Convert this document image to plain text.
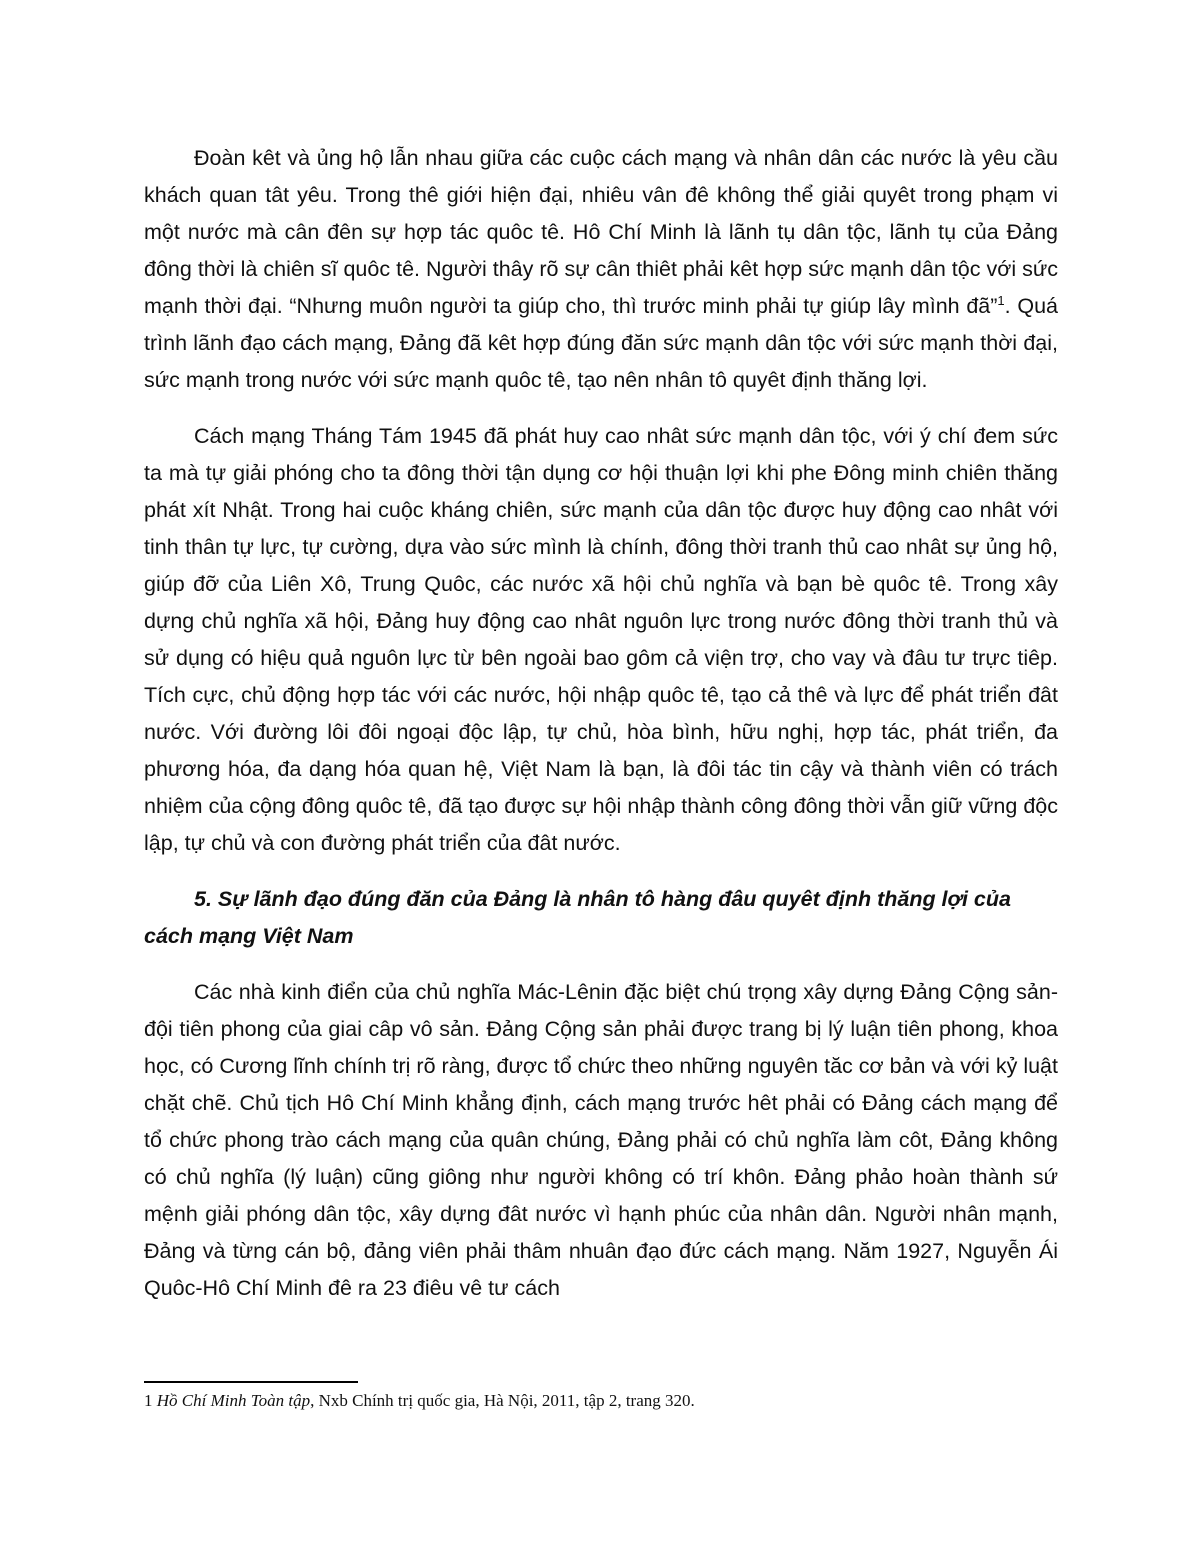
Đoàn kêt và ủng hộ lẫn nhau giữa các cuộc cách mạng và nhân dân các nước là yêu cầu khách quan tât yêu. Trong thê giới hiện đại, nhiêu vân đê không thể giải quyêt trong phạm vi một nước mà cân đên sự hợp tác quôc tê. Hô Chí Minh là lãnh tụ dân tộc, lãnh tụ của Đảng đông thời là chiên sĩ quôc tê. Người thây rõ sự cân thiêt phải kêt hợp sức mạnh dân tộc với sức mạnh thời đại. “Nhưng muôn người ta giúp cho, thì trước minh phải tự giúp lây mình đã”$^1$. Quá trình lãnh đạo cách mạng, Đảng đã kêt hợp đúng đăn sức mạnh dân tộc với sức mạnh thời đại, sức mạnh trong nước với sức mạnh quôc tê, tạo nên nhân tô quyêt định thăng lợi.

Cách mạng Tháng Tám 1945 đã phát huy cao nhât sức mạnh dân tộc, với ý chí đem sức ta mà tự giải phóng cho ta đông thời tận dụng cơ hội thuận lợi khi phe Đông minh chiên thăng phát xít Nhật. Trong hai cuộc kháng chiên, sức mạnh của dân tộc được huy động cao nhât với tinh thân tự lực, tự cường, dựa vào sức mình là chính, đông thời tranh thủ cao nhât sự ủng hộ, giúp đỡ của Liên Xô, Trung Quôc, các nước xã hội chủ nghĩa và bạn bè quôc tê. Trong xây dựng chủ nghĩa xã hội, Đảng huy động cao nhât nguôn lực trong nước đông thời tranh thủ và sử dụng có hiệu quả nguôn lực từ bên ngoài bao gôm cả viện trợ, cho vay và đâu tư trực tiêp. Tích cực, chủ động hợp tác với các nước, hội nhập quôc tê, tạo cả thê và lực để phát triển đât nước. Với đường lôi đôi ngoại độc lập, tự chủ, hòa bình, hữu nghị, hợp tác, phát triển, đa phương hóa, đa dạng hóa quan hệ, Việt Nam là bạn, là đôi tác tin cậy và thành viên có trách nhiệm của cộng đông quôc tê, đã tạo được sự hội nhập thành công đông thời vẫn giữ vững độc lập, tự chủ và con đường phát triển của đât nước.

5. Sự lãnh đạo đúng đăn của Đảng là nhân tô hàng đâu quyêt định thăng lợi của cách mạng Việt Nam

Các nhà kinh điển của chủ nghĩa Mác-Lênin đặc biệt chú trọng xây dựng Đảng Cộng sản-đội tiên phong của giai câp vô sản. Đảng Cộng sản phải được trang bị lý luận tiên phong, khoa học, có Cương lĩnh chính trị rõ ràng, được tổ chức theo những nguyên tăc cơ bản và với kỷ luật chặt chẽ. Chủ tịch Hô Chí Minh khẳng định, cách mạng trước hêt phải có Đảng cách mạng để tổ chức phong trào cách mạng của quân chúng, Đảng phải có chủ nghĩa làm côt, Đảng không có chủ nghĩa (lý luận) cũng giông như người không có trí khôn. Đảng phảo hoàn thành sứ mệnh giải phóng dân tộc, xây dựng đât nước vì hạnh phúc của nhân dân. Người nhân mạnh, Đảng và từng cán bộ, đảng viên phải thâm nhuân đạo đức cách mạng. Năm 1927, Nguyễn Ái Quôc-Hô Chí Minh đê ra 23 điêu vê tư cách

1 Hồ Chí Minh Toàn tập, Nxb Chính trị quốc gia, Hà Nội, 2011, tập 2, trang 320.
